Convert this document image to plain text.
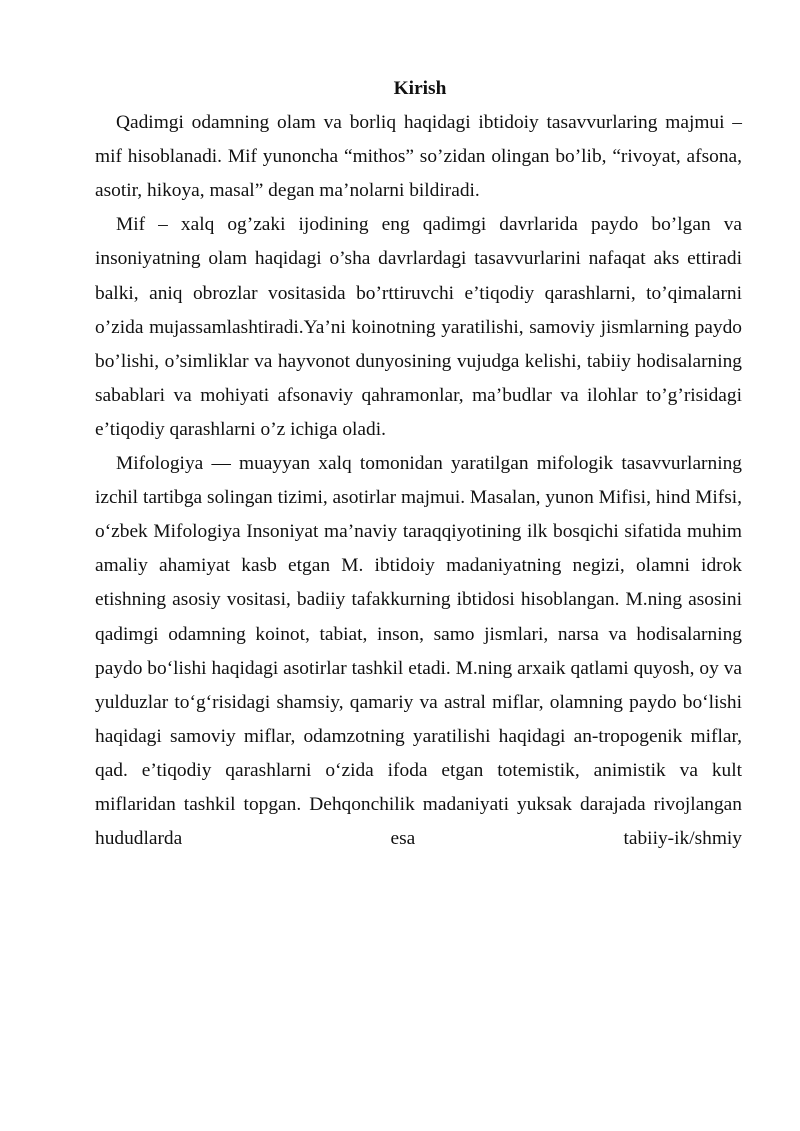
Kirish

Qadimgi odamning olam va borliq haqidagi ibtidoiy tasavvurlaring majmui – mif hisoblanadi. Mif yunoncha “mithos” so’zidan olingan bo’lib, “rivoyat, afsona, asotir, hikoya, masal” degan ma’nolarni bildiradi.

Mif – xalq og’zaki ijodining eng qadimgi davrlarida paydo bo’lgan va insoniyatning olam haqidagi o’sha davrlardagi tasavvurlarini nafaqat aks ettiradi balki, aniq obrozlar vositasida bo’rttiruvchi e’tiqodiy qarashlarni, to’qimalarni o’zida mujassamlashtiradi.Ya’ni koinotning yaratilishi, samoviy jismlarning paydo bo’lishi, o’simliklar va hayvonot dunyosining vujudga kelishi, tabiiy hodisalarning sabablari va mohiyati afsonaviy qahramonlar, ma’budlar va ilohlar to’g’risidagi e’tiqodiy qarashlarni o’z ichiga oladi.

Mifologiya — muayyan xalq tomonidan yaratilgan mifologik tasavvurlarning izchil tartibga solingan tizimi, asotirlar majmui. Masalan, yunon Mifisi, hind Mifsi, oʻzbek Mifologiya Insoniyat ma’naviy taraqqiyotining ilk bosqichi sifatida muhim amaliy ahamiyat kasb etgan M. ibtidoiy madaniyatning negizi, olamni idrok etishning asosiy vositasi, badiiy tafakkurning ibtidosi hisoblangan. M.ning asosini qadimgi odamning koinot, tabiat, inson, samo jismlari, narsa va hodisalarning paydo boʻlishi haqidagi asotirlar tashkil etadi. M.ning arxaik qatlami quyosh, oy va yulduzlar toʻgʻrisidagi shamsiy, qamariy va astral miflar, olamning paydo boʻlishi haqidagi samoviy miflar, odamzotning yaratilishi haqidagi an-tropogenik miflar, qad. e’tiqodiy qarashlarni oʻzida ifoda etgan totemistik, animistik va kult miflaridan tashkil topgan. Dehqonchilik madaniyati yuksak darajada rivojlangan hududlarda esa tabiiy-ik/shmiy
